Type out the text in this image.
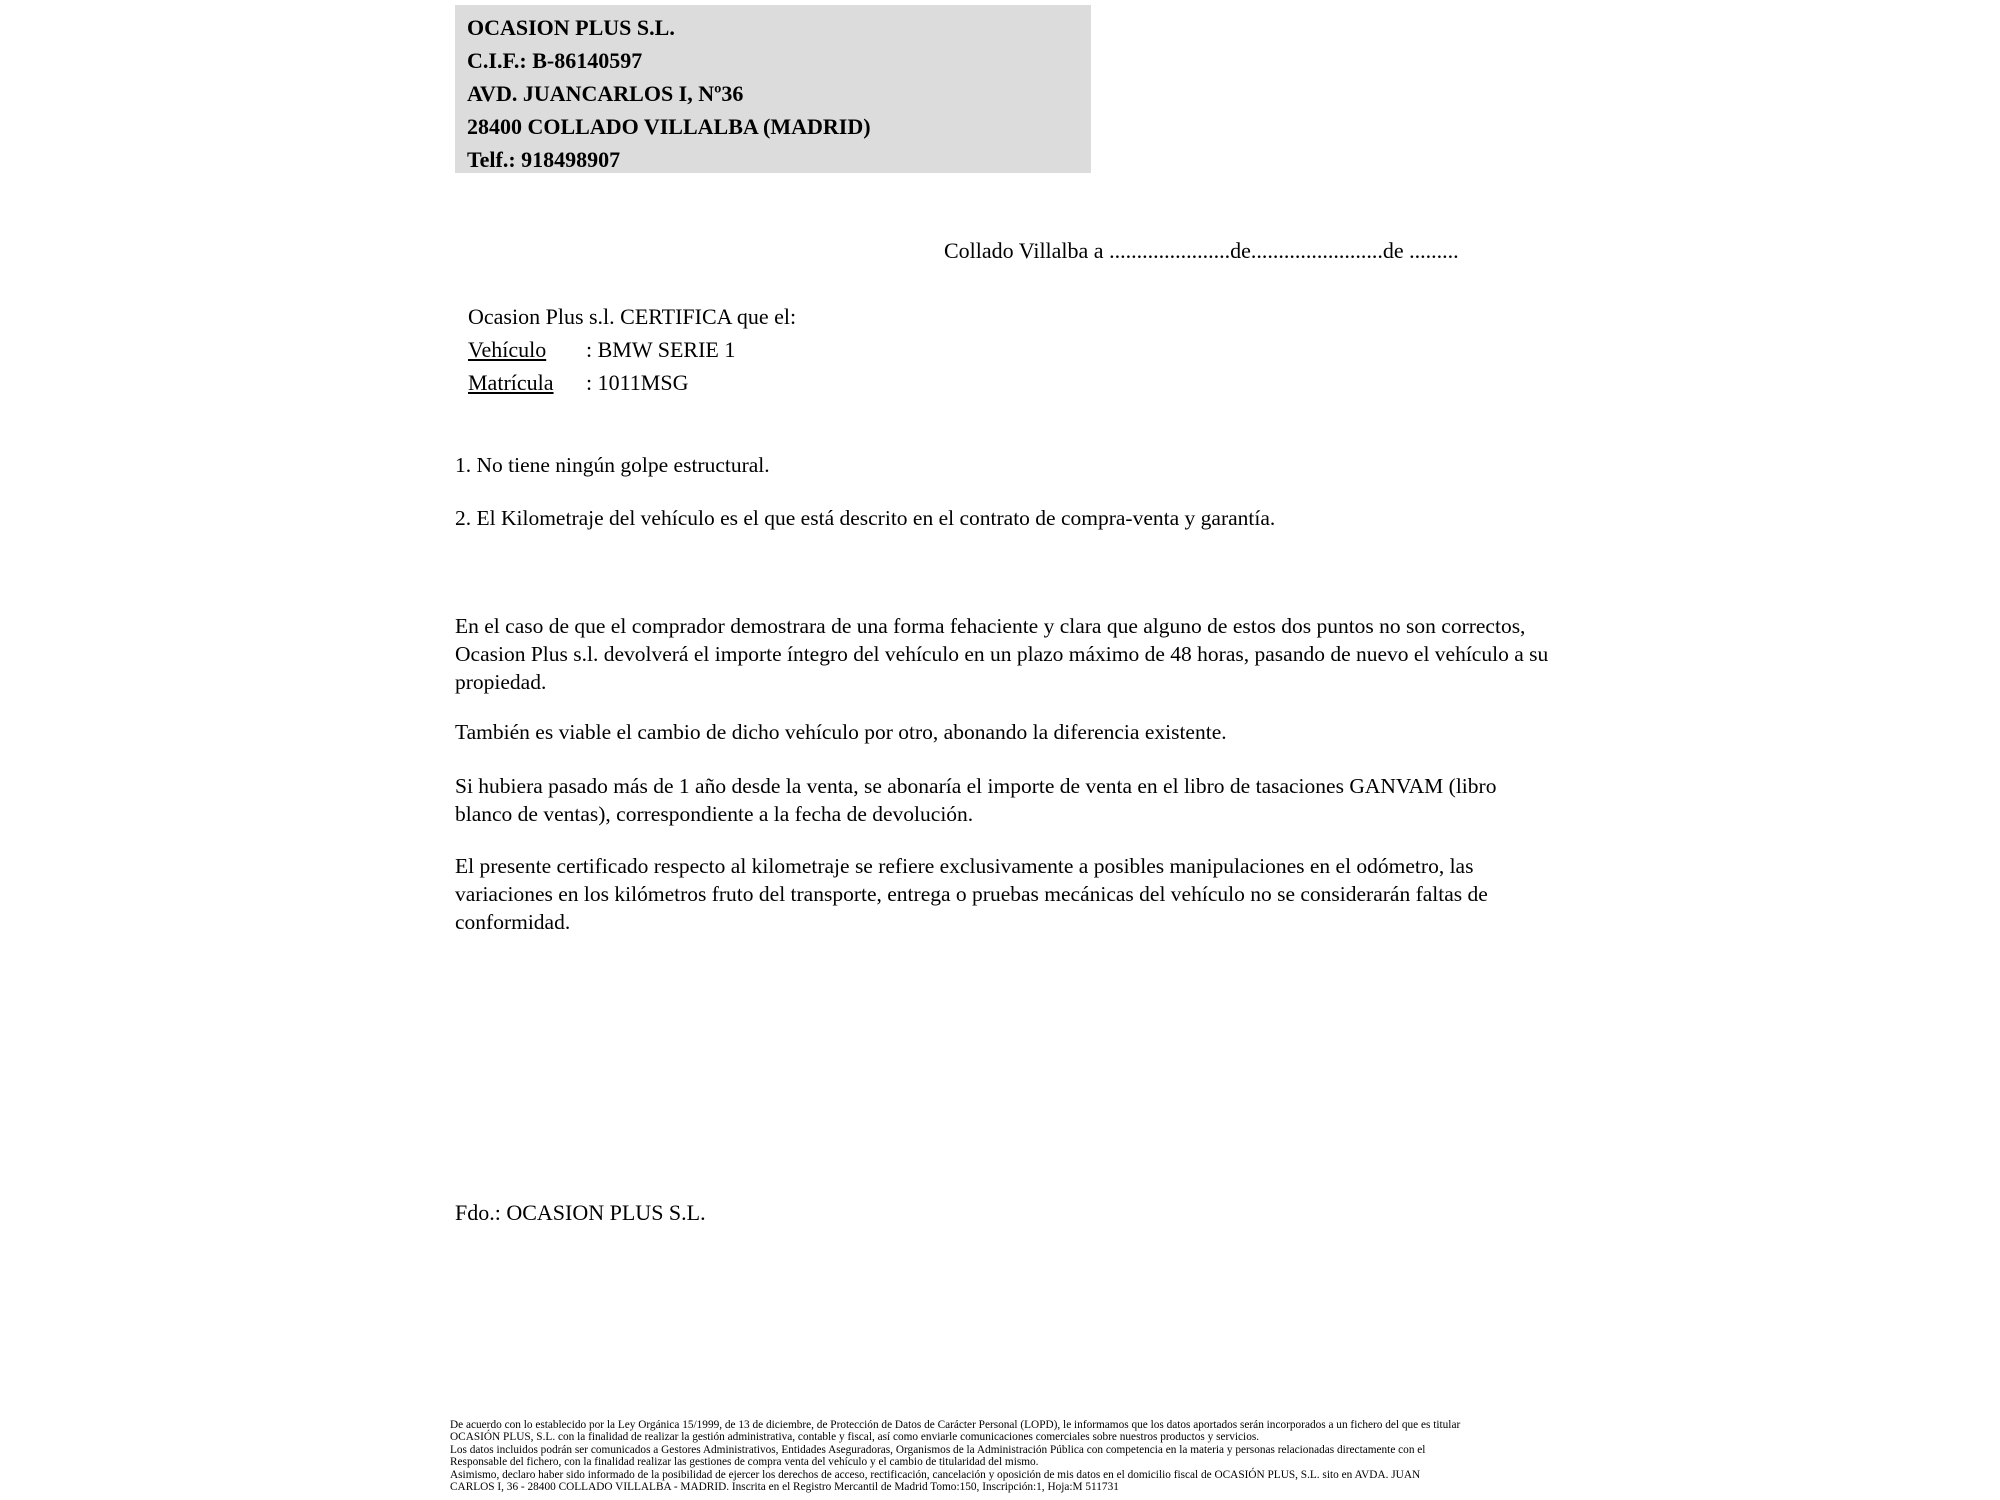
OCASION PLUS S.L.
C.I.F.: B-86140597
AVD. JUANCARLOS I, Nº36
28400 COLLADO VILLALBA (MADRID)
Telf.: 918498907
Collado Villalba a ......................de........................de .........
Ocasion Plus s.l. CERTIFICA que el:
Vehículo : BMW SERIE 1
Matrícula : 1011MSG
1. No tiene ningún golpe estructural.
2. El Kilometraje del vehículo es el que está descrito en el contrato de compra-venta y garantía.
En el caso de que el comprador demostrara de una forma fehaciente y clara que alguno de estos dos puntos no son correctos, Ocasion Plus s.l. devolverá el importe íntegro del vehículo en un plazo máximo de 48 horas, pasando de nuevo el vehículo a su propiedad.
También es viable el cambio de dicho vehículo por otro, abonando la diferencia existente.
Si hubiera pasado más de 1 año desde la venta, se abonaría el importe de venta en el libro de tasaciones GANVAM (libro blanco de ventas), correspondiente a la fecha de devolución.
El presente certificado respecto al kilometraje se refiere exclusivamente a posibles manipulaciones en el odómetro, las variaciones en los kilómetros fruto del transporte, entrega o pruebas mecánicas del vehículo no se considerarán faltas de conformidad.
Fdo.: OCASION PLUS S.L.
De acuerdo con lo establecido por la Ley Orgánica 15/1999, de 13 de diciembre, de Protección de Datos de Carácter Personal (LOPD), le informamos que los datos aportados serán incorporados a un fichero del que es titular
OCASIÓN PLUS, S.L. con la finalidad de realizar la gestión administrativa, contable y fiscal, así como enviarle comunicaciones comerciales sobre nuestros productos y servicios.
Los datos incluidos podrán ser comunicados a Gestores Administrativos, Entidades Aseguradoras, Organismos de la Administración Pública con competencia en la materia y personas relacionadas directamente con el
Responsable del fichero, con la finalidad realizar las gestiones de compra venta del vehículo y el cambio de titularidad del mismo.
Asimismo, declaro haber sido informado de la posibilidad de ejercer los derechos de acceso, rectificación, cancelación y oposición de mis datos en el domicilio fiscal de OCASIÓN PLUS, S.L. sito en AVDA. JUAN
CARLOS I, 36 - 28400 COLLADO VILLALBA - MADRID. Inscrita en el Registro Mercantil de Madrid Tomo:150, Inscripción:1, Hoja:M 511731
